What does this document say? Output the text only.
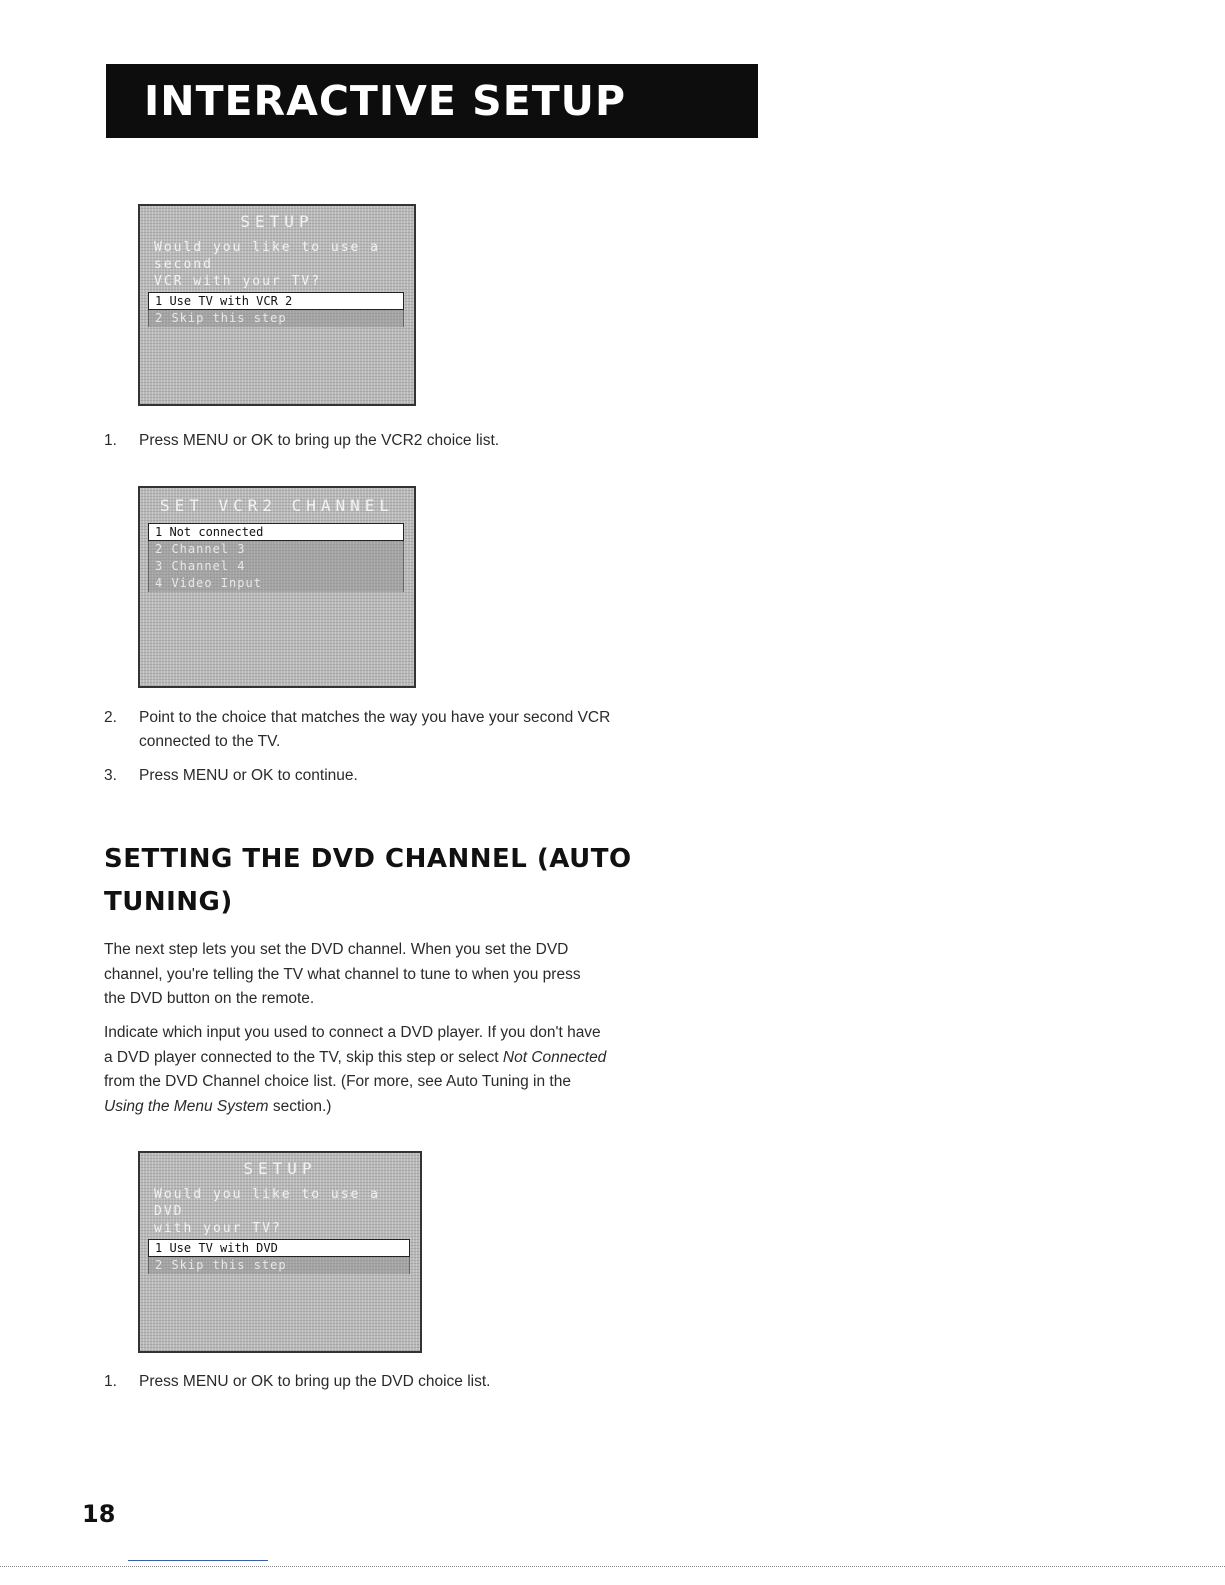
INTERACTIVE SETUP
SETUP
Would you like to use a second
VCR with your TV?
1 Use TV with VCR 2
2 Skip this step
1.	Press MENU or OK to bring up the VCR2 choice list.
SET VCR2 CHANNEL
1 Not connected
2 Channel 3
3 Channel 4
4 Video Input
2.	Point to the choice that matches the way you have your second VCR
connected to the TV.
3.	Press MENU or OK to continue.
SETTING THE DVD CHANNEL (AUTO
TUNING)

The next step lets you set the DVD channel. When you set the DVD
channel, you're telling the TV what channel to tune to when you press
the DVD button on the remote.

Indicate which input you used to connect a DVD player. If you don't have
a DVD player connected to the TV, skip this step or select Not Connected
from the DVD Channel choice list. (For more, see Auto Tuning in the
Using the Menu System section.)

SETUP
Would you like to use a DVD
with your TV?
1 Use TV with DVD
2 Skip this step
1.	Press MENU or OK to bring up the DVD choice list.
18
